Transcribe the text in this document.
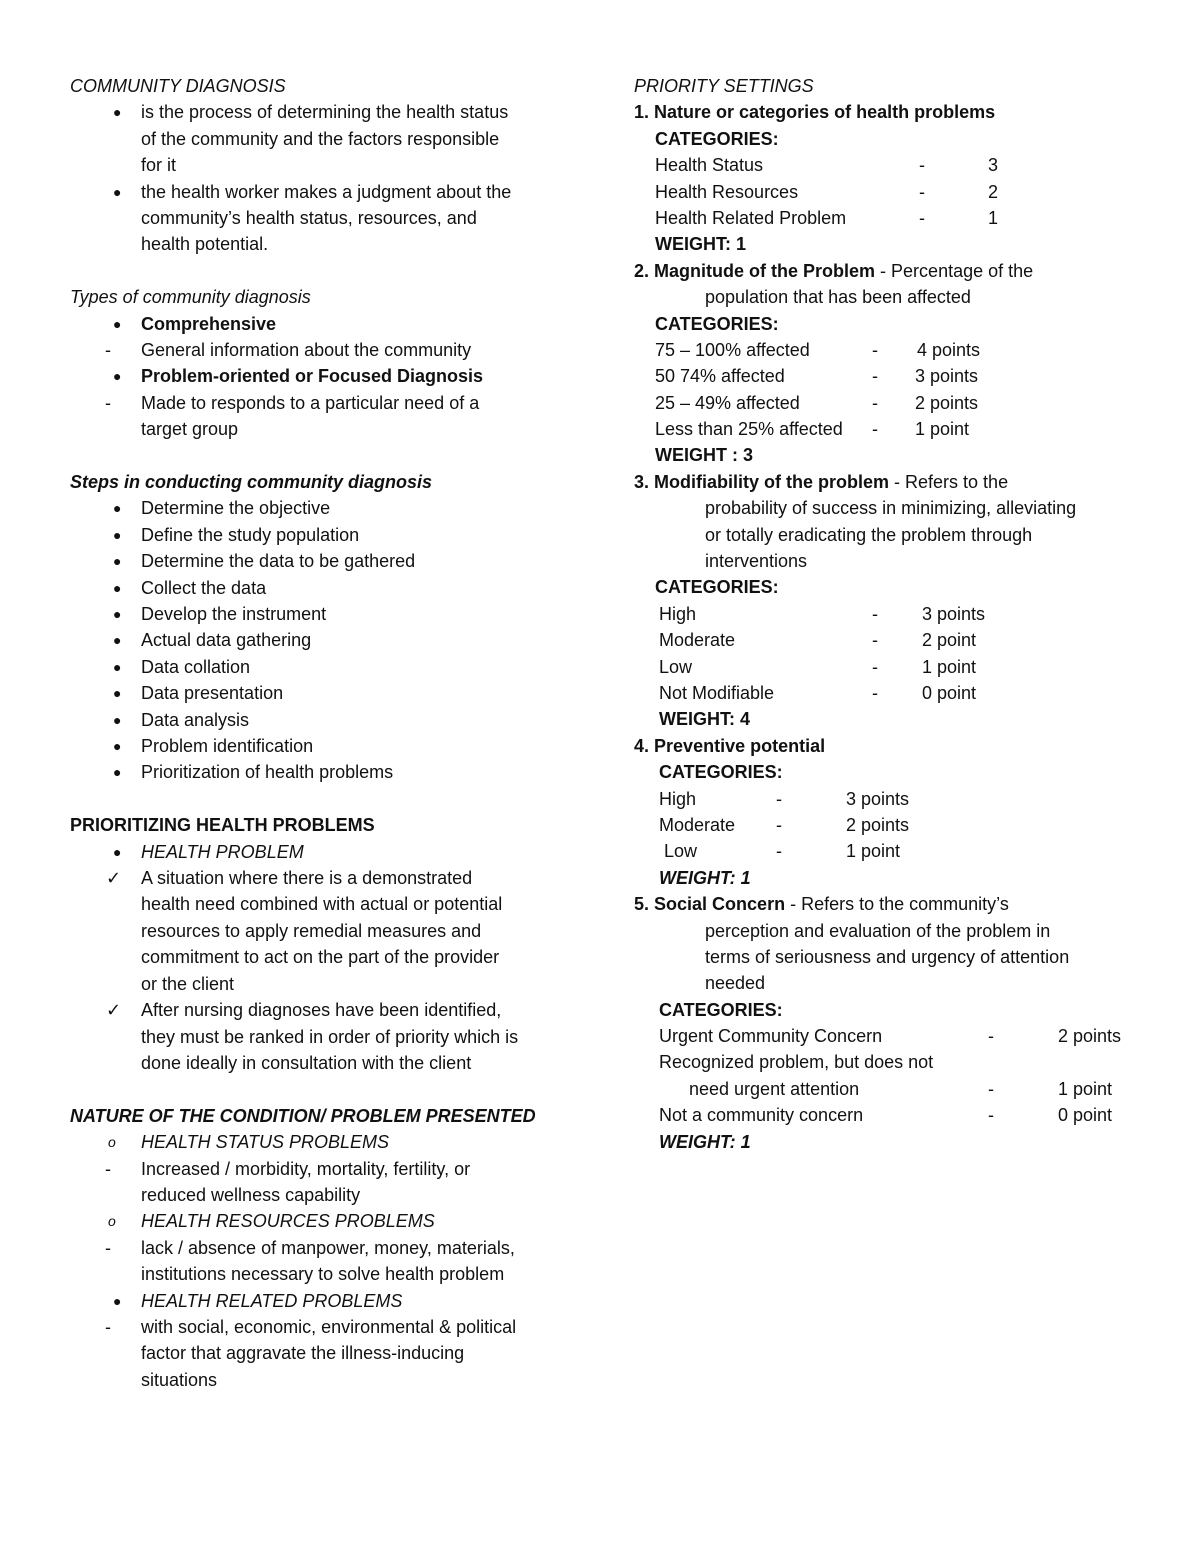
COMMUNITY DIAGNOSIS
●	is the process of determining the health status
of the community and the factors responsible
for it
●	the health worker makes a judgment about the
community’s health status, resources, and
health potential.
Types of community diagnosis
●	Comprehensive
-	General information about the community
●	Problem-oriented or Focused Diagnosis
-	Made to responds to a particular need of a
target group
Steps in conducting community diagnosis
●	Determine the objective
●	Define the study population
●	Determine the data to be gathered
●	Collect the data
●	Develop the instrument
●	Actual data gathering
●	Data collation
●	Data presentation
●	Data analysis
●	Problem identification
●	Prioritization of health problems
PRIORITIZING HEALTH PROBLEMS
●	HEALTH PROBLEM
✓ A situation where there is a demonstrated
health need combined with actual or potential
resources to apply remedial measures and
commitment to act on the part of the provider
or the client
✓ After nursing diagnoses have been identified,
they must be ranked in order of priority which is
done ideally in consultation with the client
NATURE OF THE CONDITION/ PROBLEM PRESENTED
o	HEALTH STATUS PROBLEMS
-	Increased / morbidity, mortality, fertility, or
reduced wellness capability
o	HEALTH RESOURCES PROBLEMS
-	lack / absence of manpower, money, materials,
institutions necessary to solve health problem
●	HEALTH RELATED PROBLEMS
-	with social, economic, environmental & political
factor that aggravate the illness-inducing
situations
PRIORITY SETTINGS
1. Nature or categories of health problems
CATEGORIES:
Health Status	-	3
Health Resources	-	2
Health Related Problem	-	1
WEIGHT: 1
2. Magnitude of the Problem - Percentage of the
population that has been affected
CATEGORIES:
75 – 100% affected	- 4 points
50 74% affected	- 3 points
25 – 49% affected	- 2 points
Less than 25% affected - 1 point
WEIGHT : 3
3. Modifiability of the problem - Refers to the
probability of success in minimizing, alleviating
or totally eradicating the problem through
interventions
CATEGORIES:
High	- 3 points
Moderate	- 2 point
Low	- 1 point
Not Modifiable	- 0 point
WEIGHT: 4
4. Preventive potential
CATEGORIES:
High	-	3 points
Moderate -	2 points
Low	-	1 point
WEIGHT: 1
5. Social Concern - Refers to the community’s
perception and evaluation of the problem in
terms of seriousness and urgency of attention
needed
CATEGORIES:
Urgent Community Concern	-	2 points
Recognized problem, but does not
need urgent attention	-	1 point
Not a community concern	-	0 point
WEIGHT: 1
